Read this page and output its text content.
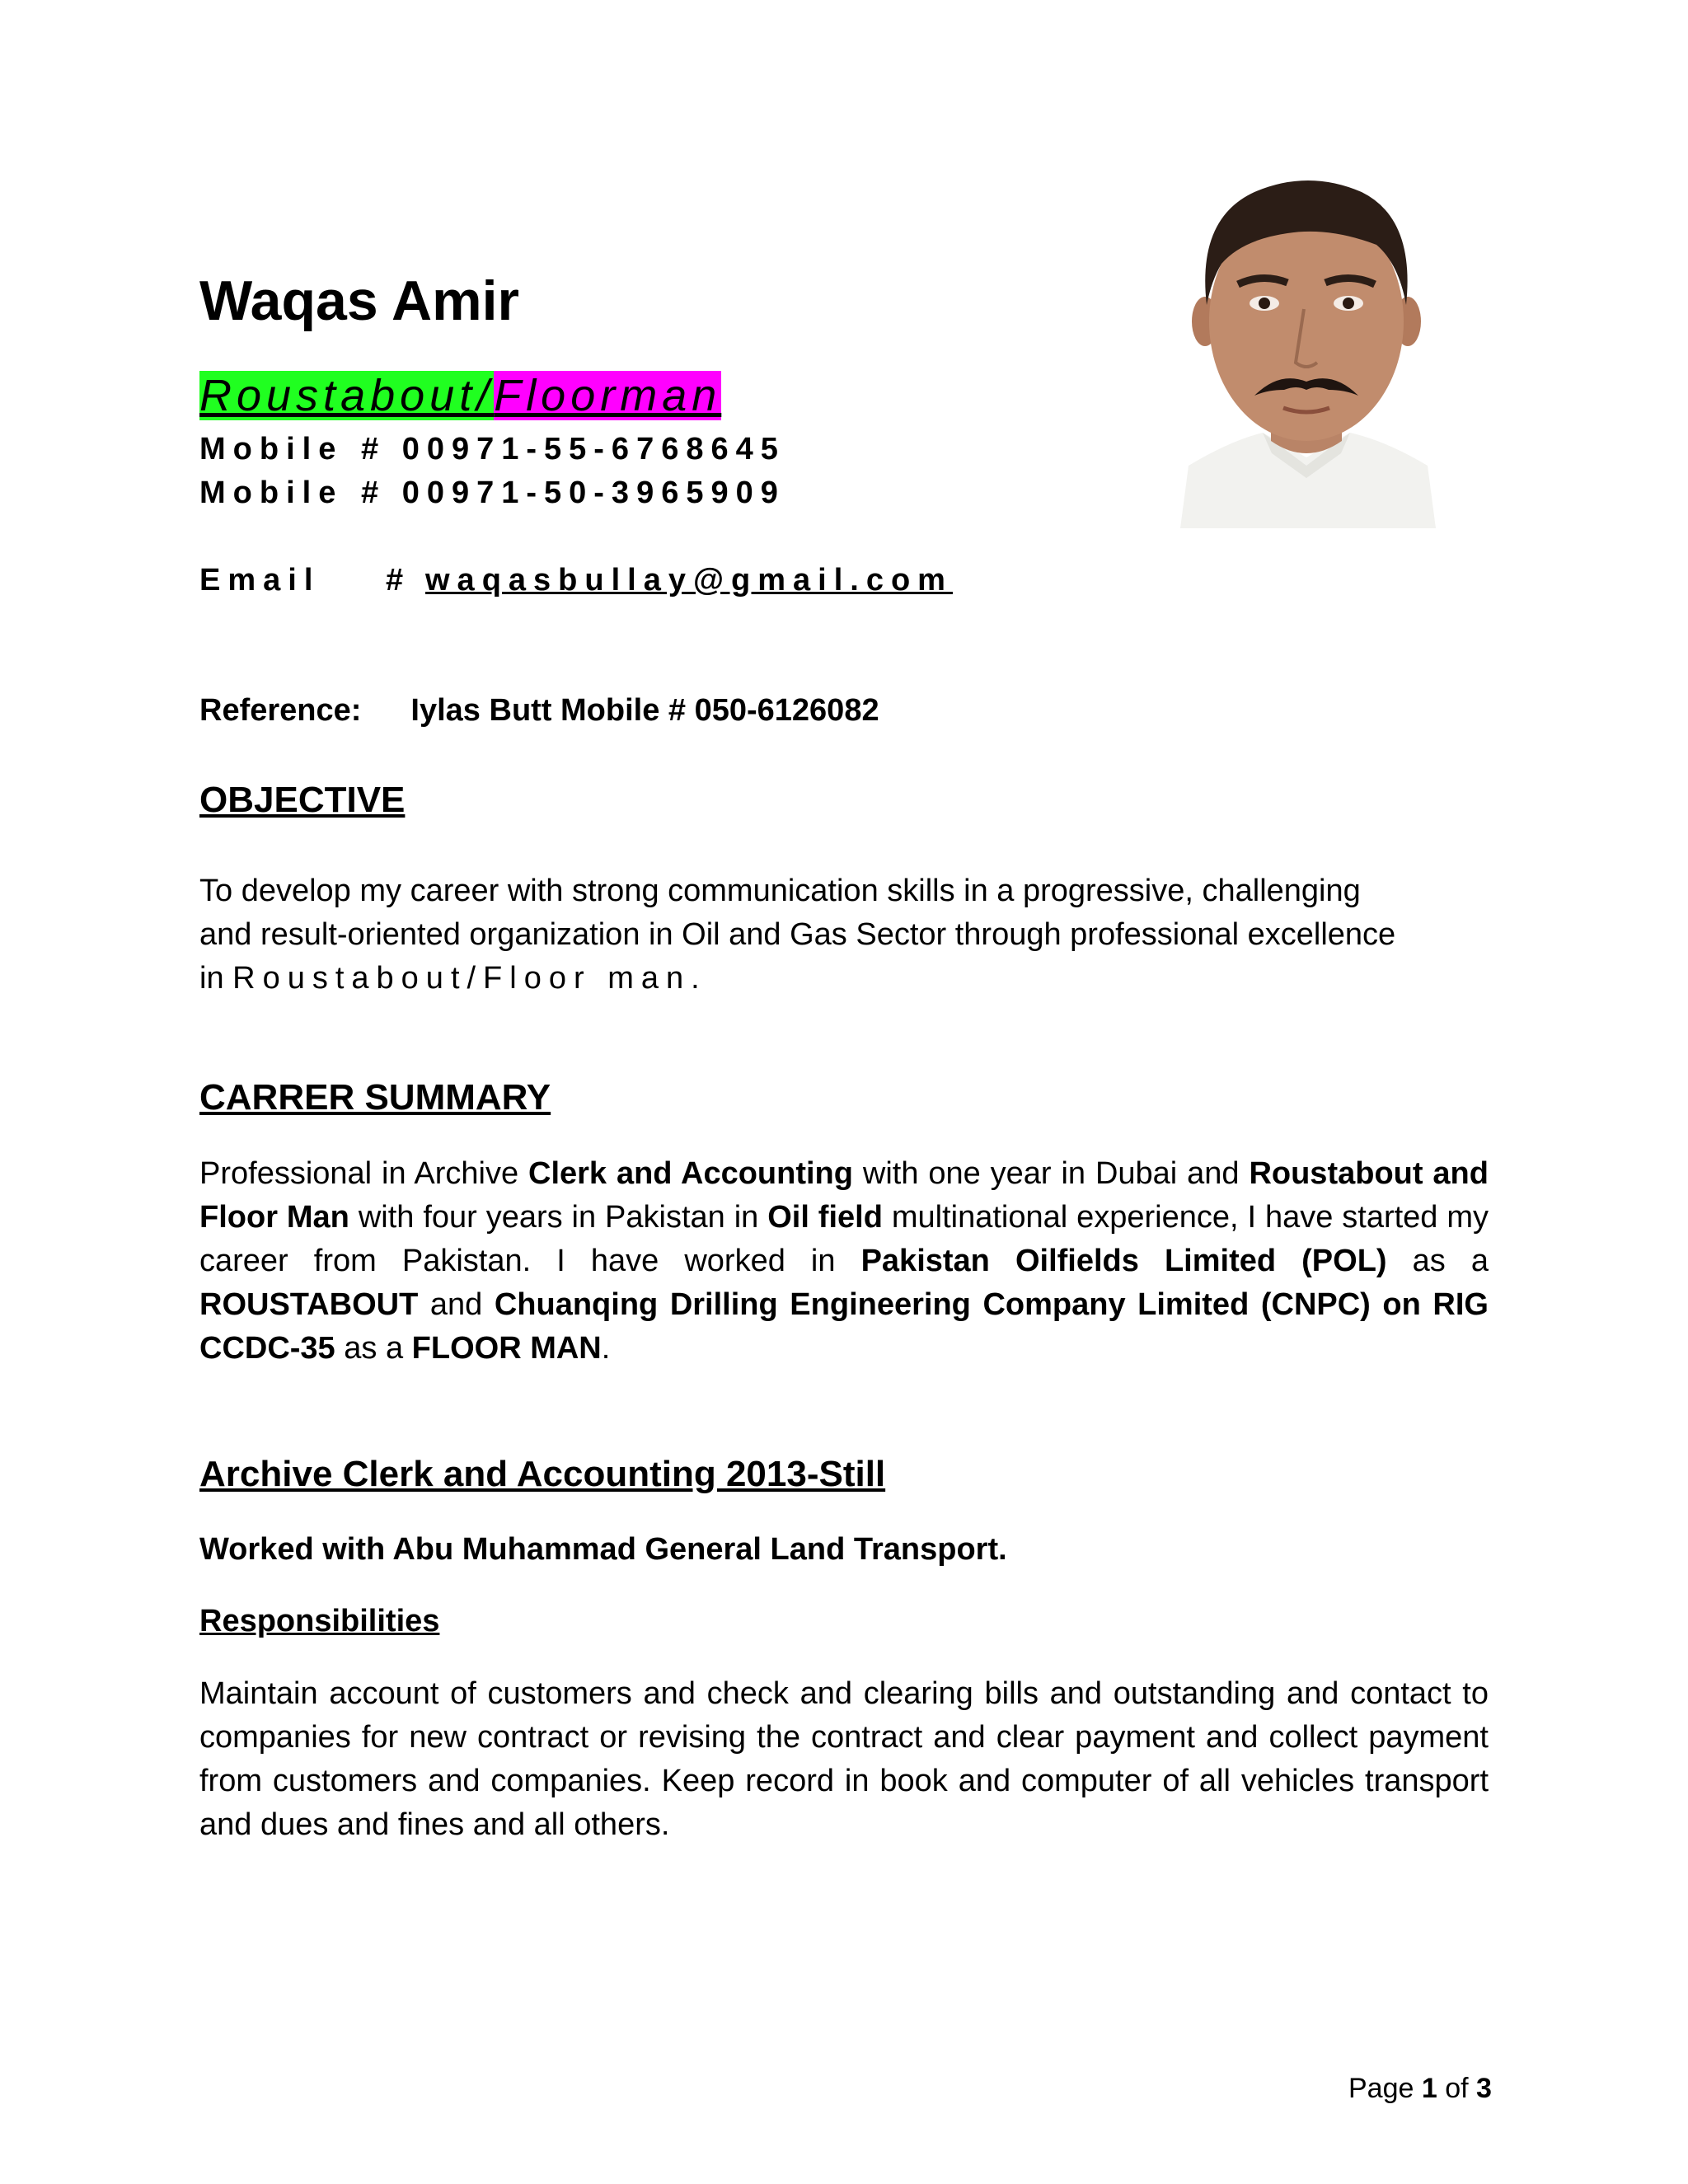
Waqas Amir
Roustabout/Floorman
Mobile # 00971-55-6768645
Mobile # 00971-50-3965909
Email # waqasbullay@gmail.com
Reference: Iylas Butt Mobile # 050-6126082
OBJECTIVE
To develop my career with strong communication skills in a progressive, challenging
and result-oriented organization in Oil and Gas Sector through professional excellence
in Roustabout/Floor man.
CARRER SUMMARY
Professional in Archive Clerk and Accounting with one year in Dubai and Roustabout and Floor Man with four years in Pakistan in Oil field multinational experience, I have started my career from Pakistan. I have worked in Pakistan Oilfields Limited (POL) as a ROUSTABOUT and Chuanqing Drilling Engineering Company Limited (CNPC) on RIG CCDC-35 as a FLOOR MAN.
Archive Clerk and Accounting 2013-Still
Worked with Abu Muhammad General Land Transport.
Responsibilities
Maintain account of customers and check and clearing bills and outstanding and contact to companies for new contract or revising the contract and clear payment and collect payment from customers and companies. Keep record in book and computer of all vehicles transport and dues and fines and all others.
Page 1 of 3
